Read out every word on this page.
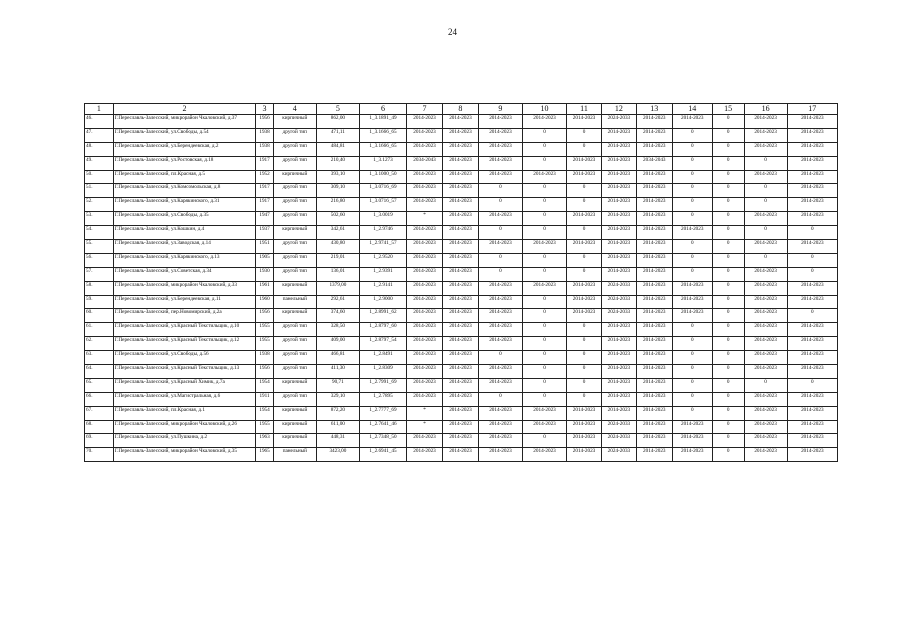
24
1	2	3	4	5	6	7	8	9	10	11	12	13	14	15	16	17
46.	Г.Переславль-Залесский, микрорайон Чкаловский, д.37	1956	кирпичный	862,00	1_3.1891_49	2014-2023	2014-2023	2014-2023	2014-2023	2014-2023	2024-2033	2014-2023	2014-2023	0	2014-2023	2014-2023
47.	Г.Переславль-Залесский, ул.Свободы, д.54	1938	другой тип	471,11	1_3.1666_65	2014-2023	2014-2023	2014-2023	0	0	2014-2023	2014-2023	0	0	2014-2023	2014-2023
48.	Г.Переславль-Залесский, ул.Берендеевская, д.2	1938	другой тип	484,81	1_3.1666_65	2014-2023	2014-2023	2014-2023	0	0	2014-2023	2014-2023	0	0	2014-2023	2014-2023
49.	Г.Переславль-Залесский, ул.Ростовская, д.18	1917	другой тип	210,40	1_3.1273	2034-2043	2014-2023	2014-2023	0	2014-2023	2014-2023	2034-2043	0	0	0	2014-2023
50.	Г.Переславль-Залесский, пл.Красная, д.5	1952	кирпичный	393,10	1_3.1000_50	2014-2023	2014-2023	2014-2023	2014-2023	2014-2023	2014-2023	2014-2023	0	0	2014-2023	2014-2023
51.	Г.Переславль-Залесский, ул.Комсомольская, д.8	1917	другой тип	309,10	1_3.0716_69	2014-2023	2014-2023	0	0	0	2014-2023	2014-2023	0	0	0	2014-2023
52.	Г.Переславль-Залесский, ул.Карякинского, д.31	1917	другой тип	216,80	1_3.0716_57	2014-2023	2014-2023	0	0	0	2014-2023	2014-2023	0	0	0	2014-2023
53.	Г.Переславль-Залесский, ул.Свободы, д.35	1947	другой тип	502,60	1_3.0019	*	2014-2023	2014-2023	0	2014-2023	2014-2023	2014-2023	0	0	2014-2023	2014-2023
54.	Г.Переславль-Залесский, ул.Кошкин, д.4	1937	кирпичный	342,61	1_2.9746	2014-2023	2014-2023	0	0	0	2014-2023	2014-2023	2014-2023	0	0	0
55.	Г.Переславль-Залесский, ул.Заводская, д.14	1951	другой тип	430,80	1_2.9741_57	2014-2023	2014-2023	2014-2023	2014-2023	2014-2023	2014-2023	2014-2023	0	0	2014-2023	2014-2023
56.	Г.Переславль-Залесский, ул.Карякинского, д.13	1905	другой тип	219,01	1_2.9520	2014-2023	2014-2023	0	0	0	2014-2023	2014-2023	0	0	0	0
57.	Г.Переславль-Залесский, ул.Советская, д.34	1930	другой тип	136,01	1_2.9391	2014-2023	2014-2023	0	0	0	2014-2023	2014-2023	0	0	2014-2023	0
58.	Г.Переславль-Залесский, микрорайон Чкаловский, д.33	1961	кирпичный	1379,00	1_2.9141	2014-2023	2014-2023	2014-2023	2014-2023	2014-2023	2024-2033	2014-2023	2014-2023	0	2014-2023	2014-2023
59.	Г.Переславль-Залесский, ул.Берендеевская, д.11	1960	панельный	292,61	1_2.9000	2014-2023	2014-2023	2014-2023	0	2014-2023	2024-2033	2014-2023	2014-2023	0	2014-2023	2014-2023
60.	Г.Переславль-Залесский, пер.Новомирский, д.2а	1956	кирпичный	374,60	1_2.8991_62	2014-2023	2014-2023	2014-2023	0	2014-2023	2024-2033	2014-2023	2014-2023	0	2014-2023	0
61.	Г.Переславль-Залесский, ул.Красный Текстильщик, д.10	1955	другой тип	328,50	1_2.8797_60	2014-2023	2014-2023	2014-2023	0	0	2014-2023	2014-2023	0	0	2014-2023	2014-2023
62.	Г.Переславль-Залесский, ул.Красный Текстильщик, д.12	1955	другой тип	409,00	1_2.8797_54	2014-2023	2014-2023	2014-2023	0	0	2014-2023	2014-2023	0	0	2014-2023	2014-2023
63.	Г.Переславль-Залесский, ул.Свободы, д.56	1938	другой тип	466,81	1_2.8491	2014-2023	2014-2023	0	0	0	2014-2023	2014-2023	0	0	2014-2023	2014-2023
64.	Г.Переславль-Залесский, ул.Красный Текстильщик, д.13	1956	другой тип	411,30	1_2.8309	2014-2023	2014-2023	2014-2023	0	0	2014-2023	2014-2023	0	0	2014-2023	2014-2023
65.	Г.Переславль-Залесский, ул.Красный Химик, д.7а	1954	кирпичный	90,71	1_2.7991_69	2014-2023	2014-2023	2014-2023	0	0	2014-2023	2014-2023	0	0	0	0
66.	Г.Переславль-Залесский, ул.Магистральная, д.6	1911	другой тип	329,10	1_2.7895	2014-2023	2014-2023	0	0	0	2014-2023	2014-2023	0	0	2014-2023	2014-2023
67.	Г.Переславль-Залесский, пл.Красная, д.1	1954	кирпичный	872,20	1_2.7777_69	*	2014-2023	2014-2023	2014-2023	2014-2023	2014-2023	2014-2023	0	0	2014-2023	2014-2023
68.	Г.Переславль-Залесский, микрорайон Чкаловский, д.26	1955	кирпичный	611,00	1_2.7641_46	*	2014-2023	2014-2023	2014-2023	2014-2023	2024-2033	2014-2023	2014-2023	0	2014-2023	2014-2023
69.	Г.Переславль-Залесский, ул.Пушкина, д.2	1963	кирпичный	448,31	1_2.7348_50	2014-2023	2014-2023	2014-2023	0	2014-2023	2024-2033	2014-2023	2014-2023	0	2014-2023	2014-2023
70.	Г.Переславль-Залесский, микрорайон Чкаловский, д.35	1965	панельный	3423,00	1_2.6941_45	2014-2023	2014-2023	2014-2023	2014-2023	2014-2023	2024-2033	2014-2023	2014-2023	0	2014-2023	2014-2023
